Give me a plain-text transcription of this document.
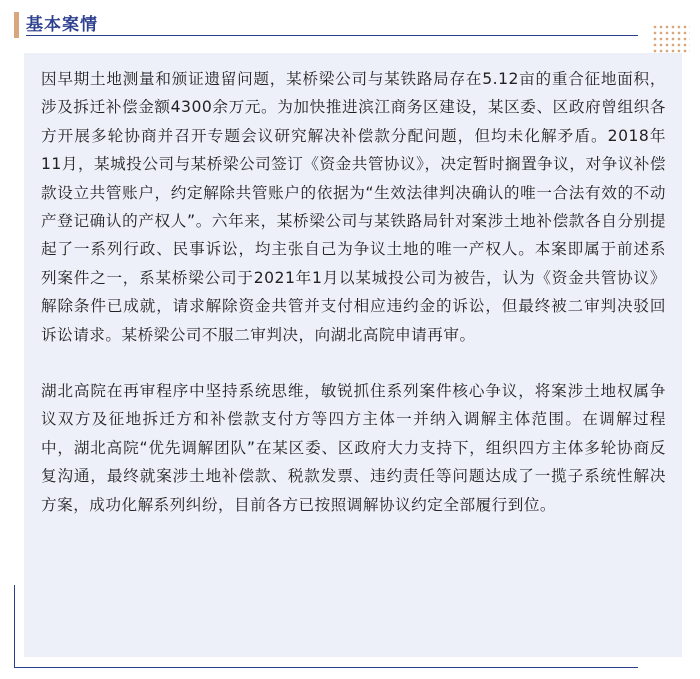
基本案情

因早期土地测量和颁证遗留问题，某桥梁公司与某铁路局存在5.12亩的重合征地面积，涉及拆迁补偿金额4300余万元。为加快推进滨江商务区建设，某区委、区政府曾组织各方开展多轮协商并召开专题会议研究解决补偿款分配问题，但均未化解矛盾。2018年11月，某城投公司与某桥梁公司签订《资金共管协议》，决定暂时搁置争议，对争议补偿款设立共管账户，约定解除共管账户的依据为“生效法律判决确认的唯一合法有效的不动产登记确认的产权人”。六年来，某桥梁公司与某铁路局针对案涉土地补偿款各自分别提起了一系列行政、民事诉讼，均主张自己为争议土地的唯一产权人。本案即属于前述系列案件之一，系某桥梁公司于2021年1月以某城投公司为被告，认为《资金共管协议》解除条件已成就，请求解除资金共管并支付相应违约金的诉讼，但最终被二审判决驳回诉讼请求。某桥梁公司不服二审判决，向湖北高院申请再审。

湖北高院在再审程序中坚持系统思维，敏锐抓住系列案件核心争议，将案涉土地权属争议双方及征地拆迁方和补偿款支付方等四方主体一并纳入调解主体范围。在调解过程中，湖北高院“优先调解团队”在某区委、区政府大力支持下，组织四方主体多轮协商反复沟通，最终就案涉土地补偿款、税款发票、违约责任等问题达成了一揽子系统性解决方案，成功化解系列纠纷，目前各方已按照调解协议约定全部履行到位。
